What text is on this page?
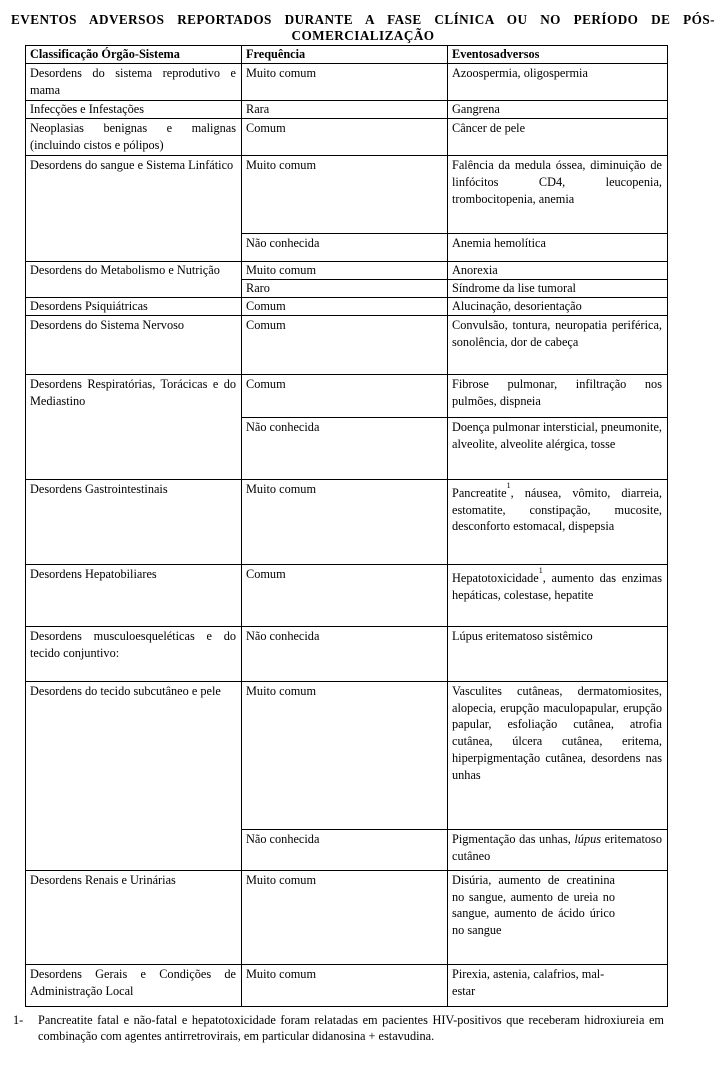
EVENTOS ADVERSOS REPORTADOS DURANTE A FASE CLÍNICA OU NO PERÍODO DE PÓS-COMERCIALIZAÇÃO
Classificação Órgão-Sistema	Frequência	Eventosadversos
Desordens do sistema reprodutivo e mama	Muito comum	Azoospermia, oligospermia
Infecções e Infestações	Rara	Gangrena
Neoplasias benignas e malignas (incluindo cistos e pólipos)	Comum	Câncer de pele
Desordens do sangue e Sistema Linfático	Muito comum	Falência da medula óssea, diminuição de linfócitos CD4, leucopenia, trombocitopenia, anemia
	Não conhecida	Anemia hemolítica
Desordens do Metabolismo e Nutrição	Muito comum	Anorexia
	Raro	Síndrome da lise tumoral
Desordens Psiquiátricas	Comum	Alucinação, desorientação
Desordens do Sistema Nervoso	Comum	Convulsão, tontura, neuropatia periférica, sonolência, dor de cabeça
Desordens Respiratórias, Torácicas e do Mediastino	Comum	Fibrose pulmonar, infiltração nos pulmões, dispneia
	Não conhecida	Doença pulmonar intersticial, pneumonite, alveolite, alveolite alérgica, tosse
Desordens Gastrointestinais	Muito comum	Pancreatite$^1$, náusea, vômito, diarreia, estomatite, constipação, mucosite, desconforto estomacal, dispepsia
Desordens Hepatobiliares	Comum	Hepatotoxicidade$^1$, aumento das enzimas hepáticas, colestase, hepatite
Desordens musculoesqueléticas e do tecido conjuntivo:	Não conhecida	Lúpus eritematoso sistêmico
Desordens do tecido subcutâneo e pele	Muito comum	Vasculites cutâneas, dermatomiosites, alopecia, erupção maculopapular, erupção papular, esfoliação cutânea, atrofia cutânea, úlcera cutânea, eritema, hiperpigmentação cutânea, desordens nas unhas
	Não conhecida	Pigmentação das unhas, lúpus eritematoso cutâneo
Desordens Renais e Urinárias	Muito comum	Disúria, aumento de creatinina no sangue, aumento de ureia no sangue, aumento de ácido úrico no sangue
Desordens Gerais e Condições de Administração Local	Muito comum	Pirexia, astenia, calafrios, mal-estar
1- Pancreatite fatal e não-fatal e hepatotoxicidade foram relatadas em pacientes HIV-positivos que receberam hidroxiureia em combinação com agentes antirretrovirais, em particular didanosina + estavudina.
